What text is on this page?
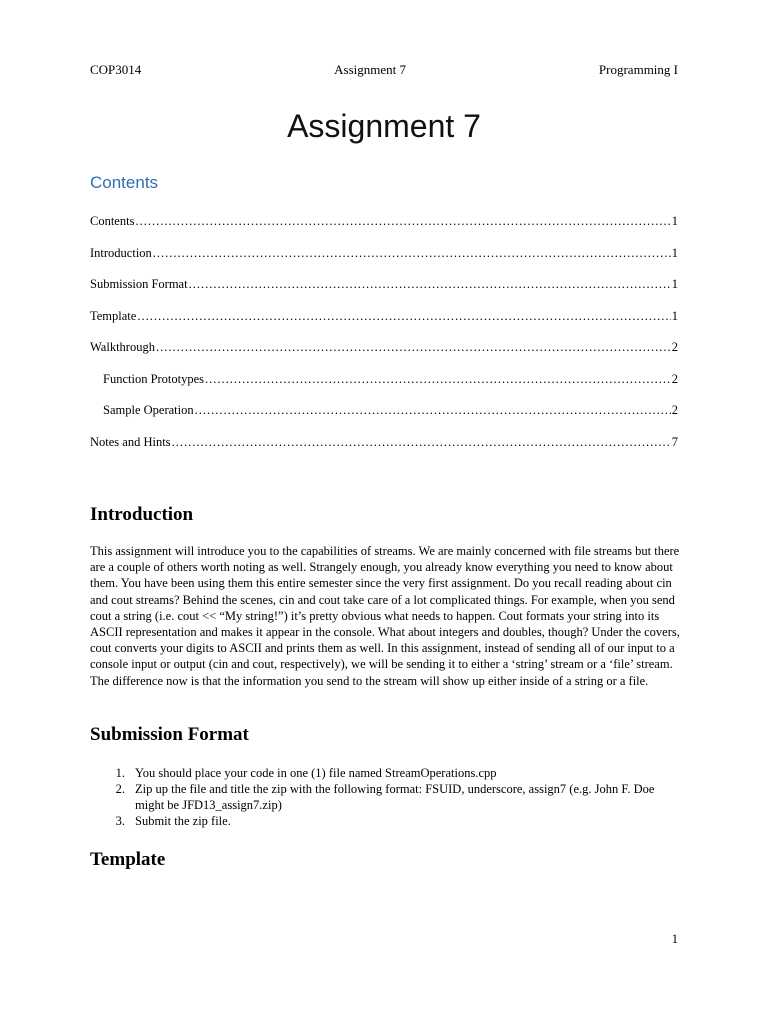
COP3014	Assignment 7	Programming I
Assignment 7
Contents
Contents .....	1
Introduction .....	1
Submission Format .....	1
Template .....	1
Walkthrough .....	2
Function Prototypes .....	2
Sample Operation .....	2
Notes and Hints .....	7
Introduction

This assignment will introduce you to the capabilities of streams. We are mainly concerned with file streams but there are a couple of others worth noting as well. Strangely enough, you already know everything you need to know about them. You have been using them this entire semester since the very first assignment. Do you recall reading about cin and cout streams? Behind the scenes, cin and cout take care of a lot complicated things. For example, when you send cout a string (i.e. cout << “My string!”) it’s pretty obvious what needs to happen. Cout formats your string into its ASCII representation and makes it appear in the console. What about integers and doubles, though? Under the covers, cout converts your digits to ASCII and prints them as well. In this assignment, instead of sending all of our input to a console input or output (cin and cout, respectively), we will be sending it to either a ‘string’ stream or a ‘file’ stream. The difference now is that the information you send to the stream will show up either inside of a string or a file.

Submission Format
1. You should place your code in one (1) file named StreamOperations.cpp
2. Zip up the file and title the zip with the following format: FSUID, underscore, assign7 (e.g. John F. Doe might be JFD13_assign7.zip)
3. Submit the zip file.
Template
1
